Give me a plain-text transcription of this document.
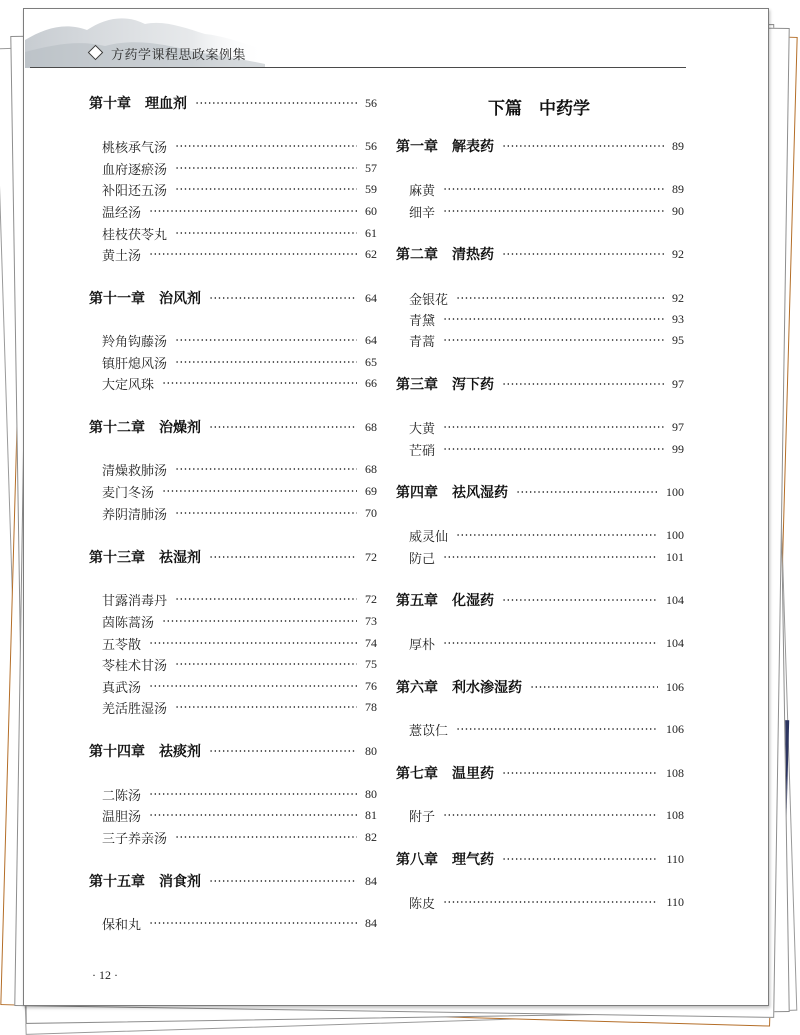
方药学课程思政案例集
下篇　中药学
第十章　理血剂	56
桃核承气汤	56
血府逐瘀汤	57
补阳还五汤	59
温经汤	60
桂枝茯苓丸	61
黄土汤	62
第十一章　治风剂	64
羚角钩藤汤	64
镇肝熄风汤	65
大定风珠	66
第十二章　治燥剂	68
清燥救肺汤	68
麦门冬汤	69
养阴清肺汤	70
第十三章　祛湿剂	72
甘露消毒丹	72
茵陈蒿汤	73
五苓散	74
苓桂术甘汤	75
真武汤	76
羌活胜湿汤	78
第十四章　祛痰剂	80
二陈汤	80
温胆汤	81
三子养亲汤	82
第十五章　消食剂	84
保和丸	84
第一章　解表药	89
麻黄	89
细辛	90
第二章　清热药	92
金银花	92
青黛	93
青蒿	95
第三章　泻下药	97
大黄	97
芒硝	99
第四章　祛风湿药	100
威灵仙	100
防己	101
第五章　化湿药	104
厚朴	104
第六章　利水渗湿药	106
薏苡仁	106
第七章　温里药	108
附子	108
第八章　理气药	110
陈皮	110
· 12 ·
